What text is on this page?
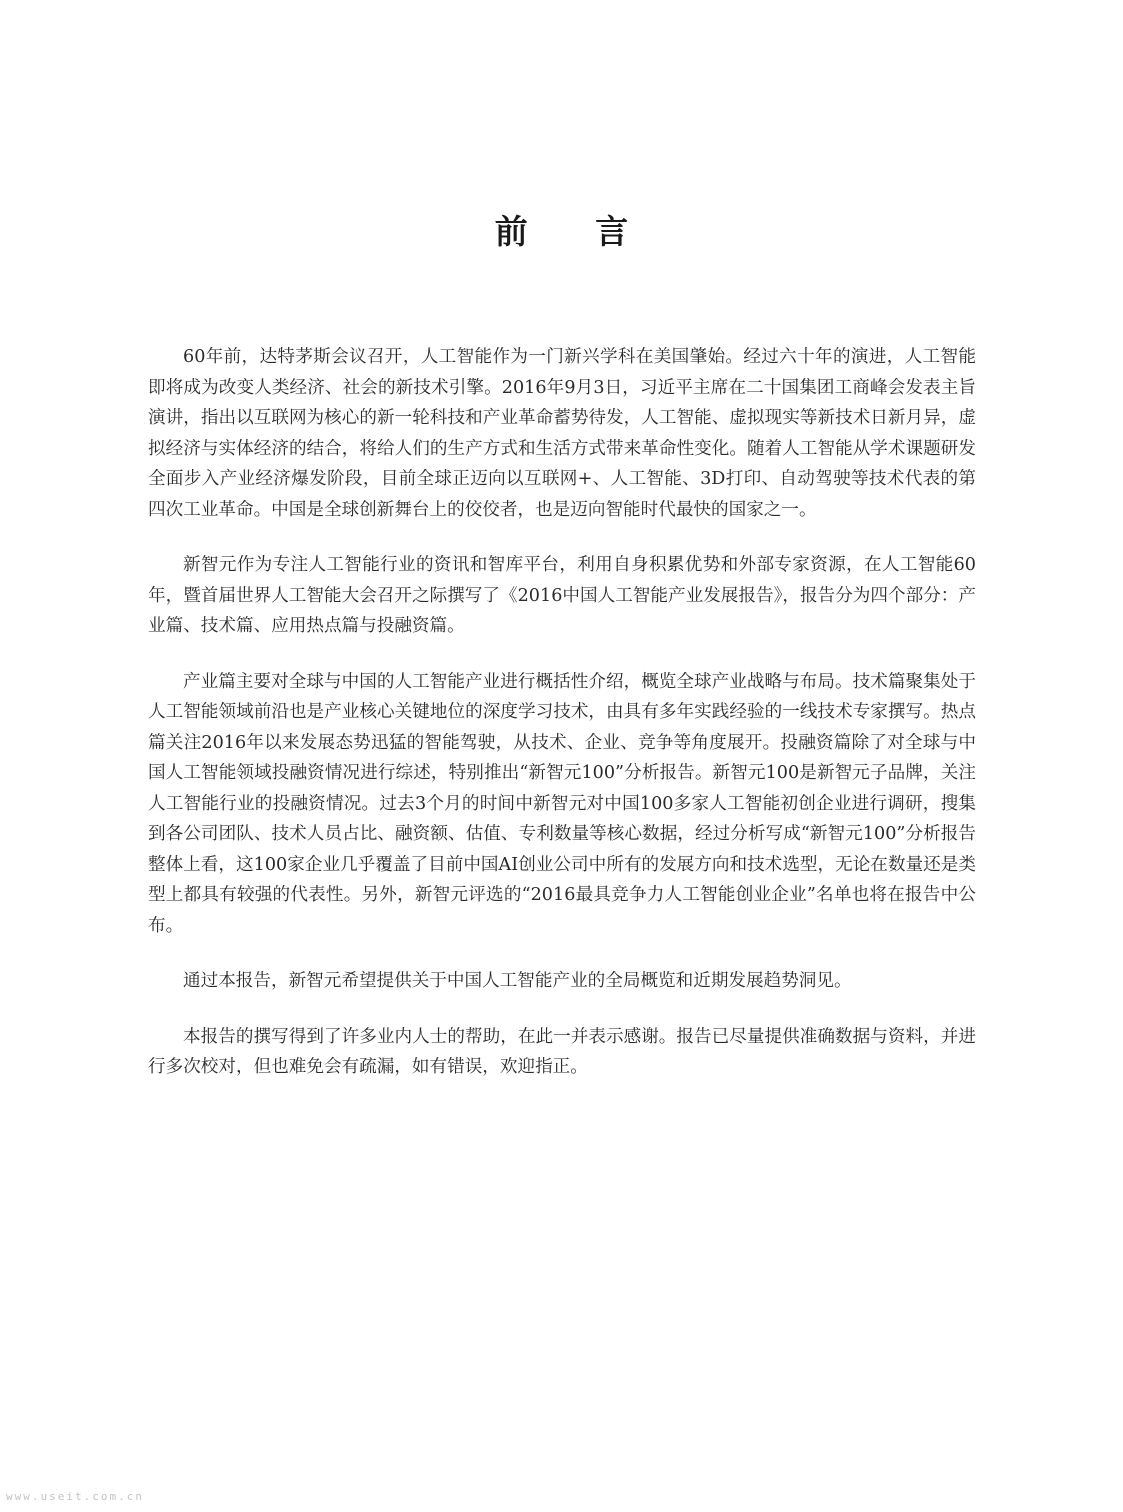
前 言

60年前，达特茅斯会议召开，人工智能作为一门新兴学科在美国肇始。经过六十年的演进，人工智能即将成为改变人类经济、社会的新技术引擎。2016年9月3日，习近平主席在二十国集团工商峰会发表主旨演讲，指出以互联网为核心的新一轮科技和产业革命蓄势待发，人工智能、虚拟现实等新技术日新月异，虚拟经济与实体经济的结合，将给人们的生产方式和生活方式带来革命性变化。随着人工智能从学术课题研发全面步入产业经济爆发阶段，目前全球正迈向以互联网+、人工智能、3D打印、自动驾驶等技术代表的第四次工业革命。中国是全球创新舞台上的佼佼者，也是迈向智能时代最快的国家之一。

新智元作为专注人工智能行业的资讯和智库平台，利用自身积累优势和外部专家资源，在人工智能60年，暨首届世界人工智能大会召开之际撰写了《2016中国人工智能产业发展报告》，报告分为四个部分：产业篇、技术篇、应用热点篇与投融资篇。

产业篇主要对全球与中国的人工智能产业进行概括性介绍，概览全球产业战略与布局。技术篇聚集处于人工智能领域前沿也是产业核心关键地位的深度学习技术，由具有多年实践经验的一线技术专家撰写。热点篇关注2016年以来发展态势迅猛的智能驾驶，从技术、企业、竞争等角度展开。投融资篇除了对全球与中国人工智能领域投融资情况进行综述，特别推出“新智元100”分析报告。新智元100是新智元子品牌，关注人工智能行业的投融资情况。过去3个月的时间中新智元对中国100多家人工智能初创企业进行调研，搜集到各公司团队、技术人员占比、融资额、估值、专利数量等核心数据，经过分析写成“新智元100”分析报告整体上看，这100家企业几乎覆盖了目前中国AI创业公司中所有的发展方向和技术选型，无论在数量还是类型上都具有较强的代表性。另外，新智元评选的“2016最具竞争力人工智能创业企业”名单也将在报告中公布。

通过本报告，新智元希望提供关于中国人工智能产业的全局概览和近期发展趋势洞见。

本报告的撰写得到了许多业内人士的帮助，在此一并表示感谢。报告已尽量提供准确数据与资料，并进行多次校对，但也难免会有疏漏，如有错误，欢迎指正。

www.useit.com.cn
